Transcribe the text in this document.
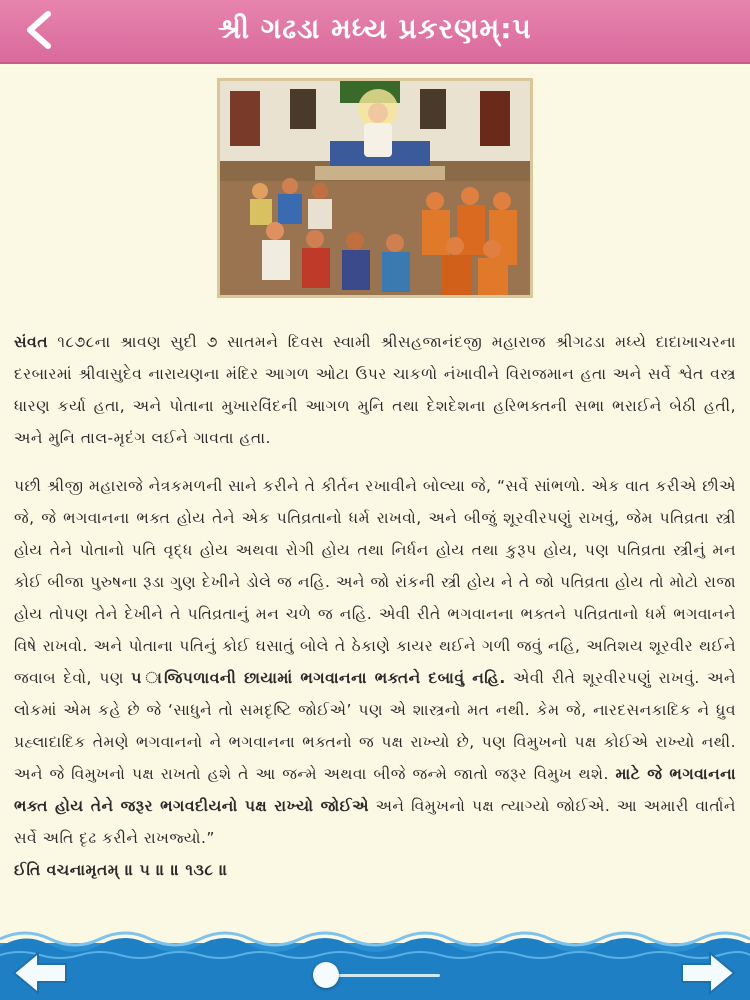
શ્રી ગઢડા મધ્ય પ્રકરણમ્:૫

સંવત ૧૮૭૮ના શ્રાવણ સુદી ૭ સાતમને દિવસ સ્વામી શ્રીસહજાનંદજી મહારાજ શ્રીગઢડા મધ્યે દાદાખાચરના દરબારમાં શ્રીવાસુદેવ નારાયણના મંદિર આગળ ઓટા ઉપર ચાકળો નંખાવીને વિરાજમાન હતા અને સર્વે શ્વેત વસ્ત્ર ધારણ કર્યા હતા, અને પોતાના મુખારવિંદની આગળ મુનિ તથા દેશદેશના હરિભક્તની સભા ભરાઈને બેઠી હતી, અને મુનિ તાલ-મૃદંગ લઈને ગાવતા હતા.

પછી શ્રીજી મહારાજે નેત્રકમળની સાને કરીને તે કીર્તન રખાવીને બોલ્યા જે, “સર્વે સાંભળો. એક વાત કરીએ છીએ જે, જે ભગવાનના ભક્ત હોય તેને એક પતિવ્રતાનો ધર્મ રાખવો, અને બીજું શૂરવીરપણું રાખવું, જેમ પતિવ્રતા સ્ત્રી હોય તેને પોતાનો પતિ વૃદ્ધ હોય અથવા રોગી હોય તથા નિર્ધન હોય તથા કુરૂપ હોય, પણ પતિવ્રતા સ્ત્રીનું મન કોઈ બીજા પુરુષના રૂડા ગુણ દેખીને ડોલે જ નહિ. અને જો રાંકની સ્ત્રી હોય ને તે જો પતિવ્રતા હોય તો મોટો રાજા હોય તોપણ તેને દેખીને તે પતિવ્રતાનું મન ચળે જ નહિ. એવી રીતે ભગવાનના ભક્તને પતિવ્રતાનો ધર્મ ભગવાનને વિષે રાખવો. અને પોતાના પતિનું કોઈ ઘસાતું બોલે તે ઠેકાણે કાયર થઈને ગળી જવું નહિ, અતિશય શૂરવીર થઈને જવાબ દેવો, પણ ૫ ાજિપળાવની છાયામાં ભગવાનના ભક્તને દબાવું નહિ. એવી રીતે શૂરવીરપણું રાખવું. અને લોકમાં એમ કહે છે જે ‘સાધુને તો સમદૃષ્ટિ જોઈએ’ પણ એ શાસ્ત્રનો મત નથી. કેમ જે, નારદસનકાદિક ને ધ્રુવ પ્રહ્લાદાદિક તેમણે ભગવાનનો ને ભગવાનના ભક્તનો જ પક્ષ રાખ્યો છે, પણ વિમુખનો પક્ષ કોઈએ રાખ્યો નથી. અને જે વિમુખનો પક્ષ રાખતો હશે તે આ જન્મે અથવા બીજે જન્મે જાતો જરૂર વિમુખ થશે. માટે જે ભગવાનના ભક્ત હોય તેને જરૂર ભગવદીયનો પક્ષ રાખ્યો જોઈએ અને વિમુખનો પક્ષ ત્યાગ્યો જોઈએ. આ અમારી વાર્તાને સર્વે અતિ દૃઢ કરીને રાખજ્યો.”
ઈતિ વચનામૃતમ્ ॥ ૫ ॥ ॥ ૧૩૮ ॥
